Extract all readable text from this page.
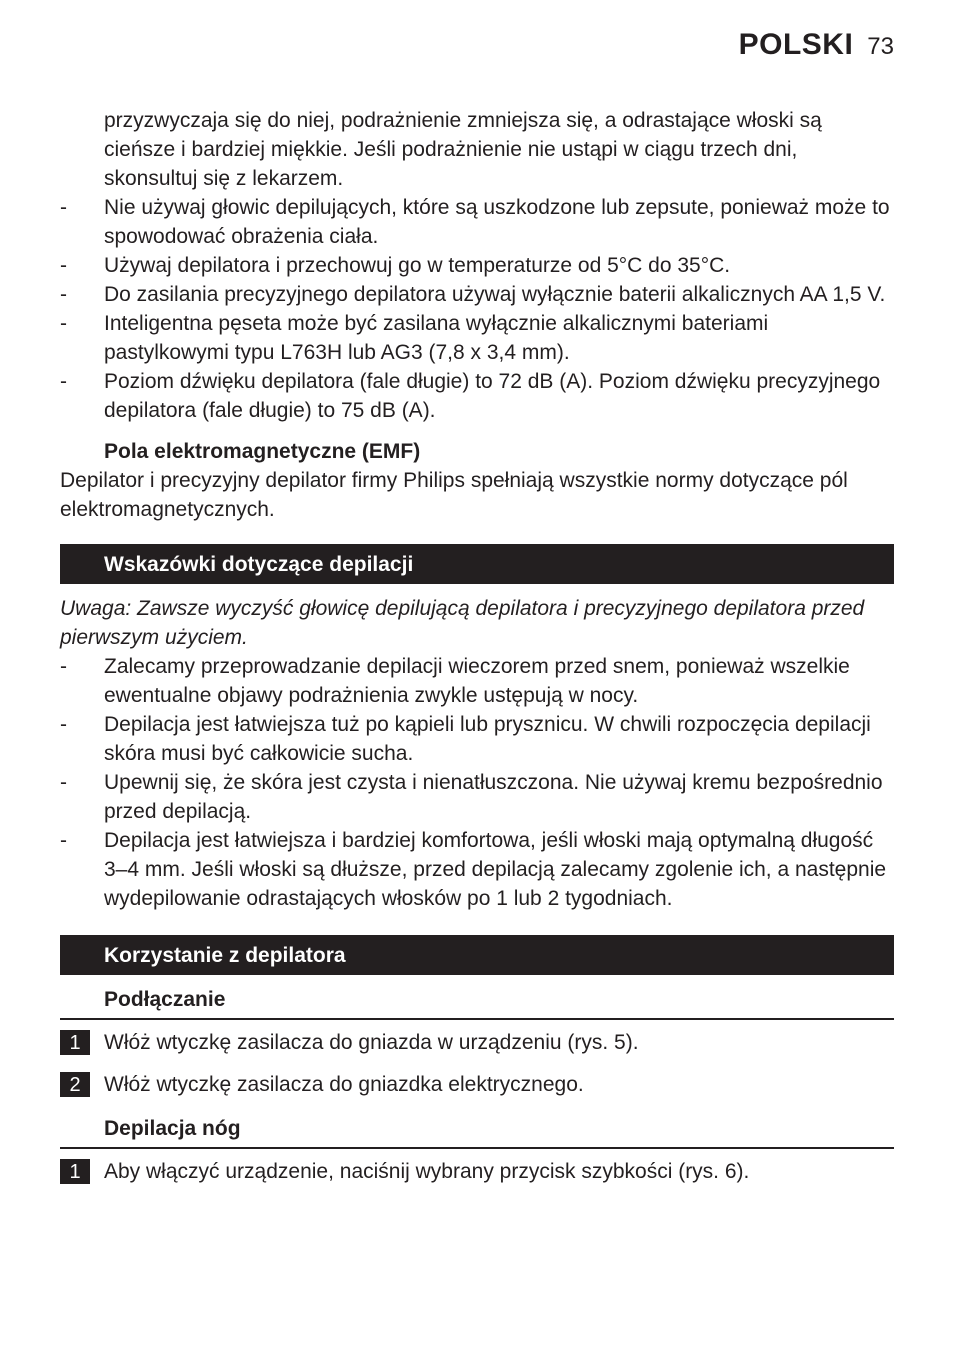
POLSKI 73
przyzwyczaja się do niej, podrażnienie zmniejsza się, a odrastające włoski są cieńsze i bardziej miękkie. Jeśli podrażnienie nie ustąpi w ciągu trzech dni, skonsultuj się z lekarzem.
- Nie używaj głowic depilujących, które są uszkodzone lub zepsute, ponieważ może to spowodować obrażenia ciała.
- Używaj depilatora i przechowuj go w temperaturze od 5°C do 35°C.
- Do zasilania precyzyjnego depilatora używaj wyłącznie baterii alkalicznych AA 1,5 V.
- Inteligentna pęseta może być zasilana wyłącznie alkalicznymi bateriami pastylkowymi typu L763H lub AG3 (7,8 x 3,4 mm).
- Poziom dźwięku depilatora (fale długie) to 72 dB (A). Poziom dźwięku precyzyjnego depilatora (fale długie) to 75 dB (A).
Pola elektromagnetyczne (EMF)
Depilator i precyzyjny depilator firmy Philips spełniają wszystkie normy dotyczące pól elektromagnetycznych.
Wskazówki dotyczące depilacji
Uwaga: Zawsze wyczyść głowicę depilującą depilatora i precyzyjnego depilatora przed pierwszym użyciem.
- Zalecamy przeprowadzanie depilacji wieczorem przed snem, ponieważ wszelkie ewentualne objawy podrażnienia zwykle ustępują w nocy.
- Depilacja jest łatwiejsza tuż po kąpieli lub prysznicu. W chwili rozpoczęcia depilacji skóra musi być całkowicie sucha.
- Upewnij się, że skóra jest czysta i nienatłuszczona. Nie używaj kremu bezpośrednio przed depilacją.
- Depilacja jest łatwiejsza i bardziej komfortowa, jeśli włoski mają optymalną długość 3–4 mm. Jeśli włoski są dłuższe, przed depilacją zalecamy zgolenie ich, a następnie wydepilowanie odrastających włosków po 1 lub 2 tygodniach.
Korzystanie z depilatora
Podłączanie
1	Włóż wtyczkę zasilacza do gniazda w urządzeniu (rys. 5).
2	Włóż wtyczkę zasilacza do gniazdka elektrycznego.
Depilacja nóg
1	Aby włączyć urządzenie, naciśnij wybrany przycisk szybkości (rys. 6).
